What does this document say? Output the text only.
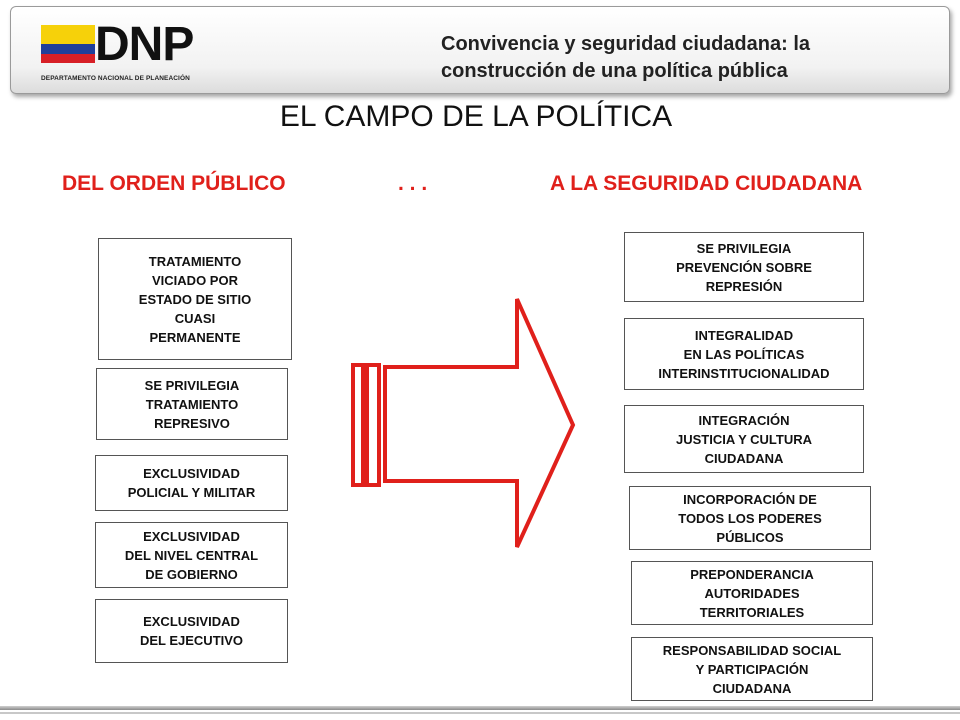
DNP
DEPARTAMENTO NACIONAL DE PLANEACIÓN
Convivencia y seguridad ciudadana: la construcción de una política pública
EL CAMPO DE LA POLÍTICA
DEL ORDEN PÚBLICO	. . .	A LA SEGURIDAD CIUDADANA
TRATAMIENTO
VICIADO POR
ESTADO DE SITIO
CUASI
PERMANENTE
SE PRIVILEGIA
TRATAMIENTO
REPRESIVO
EXCLUSIVIDAD
POLICIAL Y MILITAR
EXCLUSIVIDAD
DEL NIVEL CENTRAL
DE GOBIERNO
EXCLUSIVIDAD
DEL EJECUTIVO
SE PRIVILEGIA
PREVENCIÓN SOBRE
REPRESIÓN
INTEGRALIDAD
EN LAS POLÍTICAS
INTERINSTITUCIONALIDAD
INTEGRACIÓN
JUSTICIA Y CULTURA
CIUDADANA
INCORPORACIÓN DE
TODOS LOS PODERES
PÚBLICOS
PREPONDERANCIA
AUTORIDADES
TERRITORIALES
RESPONSABILIDAD SOCIAL
Y PARTICIPACIÓN
CIUDADANA
